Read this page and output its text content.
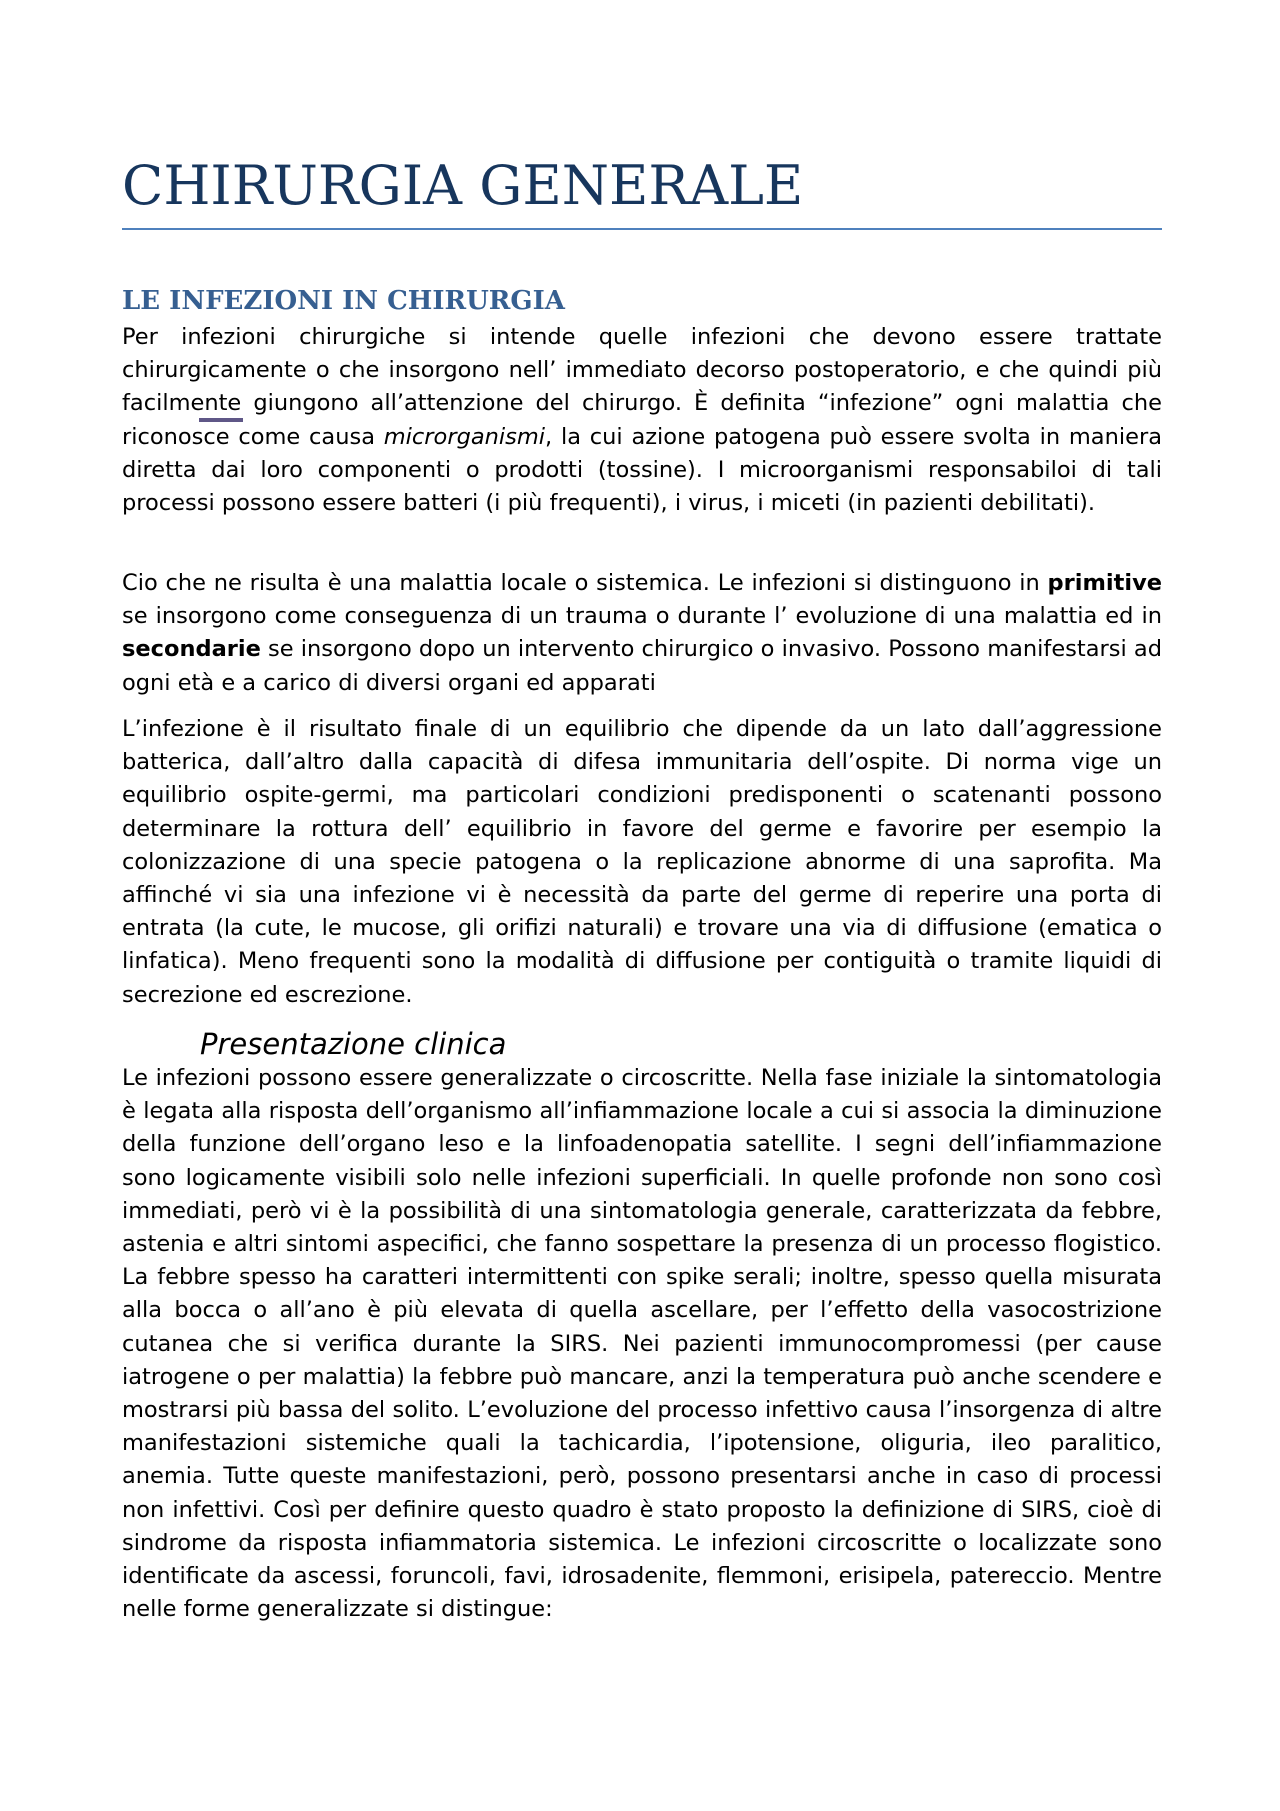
CHIRURGIA GENERALE
LE INFEZIONI IN CHIRURGIA

Per infezioni chirurgiche si intende quelle infezioni che devono essere trattate chirurgicamente o che insorgono nell’ immediato decorso postoperatorio, e che quindi più facilmente giungono all’attenzione del chirurgo. È definita “infezione” ogni malattia che riconosce come causa microrganismi, la cui azione patogena può essere svolta in maniera diretta dai loro componenti o prodotti (tossine). I microorganismi responsabiloi di tali processi possono essere batteri (i più frequenti), i virus, i miceti (in pazienti debilitati).

Cio che ne risulta è una malattia locale o sistemica. Le infezioni si distinguono in primitive se insorgono come conseguenza di un trauma o durante l’ evoluzione di una malattia ed in secondarie se insorgono dopo un intervento chirurgico o invasivo. Possono manifestarsi ad ogni età e a carico di diversi organi ed apparati

L’infezione è il risultato finale di un equilibrio che dipende da un lato dall’aggressione batterica, dall’altro dalla capacità di difesa immunitaria dell’ospite. Di norma vige un equilibrio ospite-germi, ma particolari condizioni predisponenti o scatenanti possono determinare la rottura dell’ equilibrio in favore del germe e favorire per esempio la colonizzazione di una specie patogena o la replicazione abnorme di una saprofita. Ma affinché vi sia una infezione vi è necessità da parte del germe di reperire una porta di entrata (la cute, le mucose, gli orifizi naturali) e trovare una via di diffusione (ematica o linfatica). Meno frequenti sono la modalità di diffusione per contiguità o tramite liquidi di secrezione ed escrezione.

Presentazione clinica

Le infezioni possono essere generalizzate o circoscritte. Nella fase iniziale la sintomatologia è legata alla risposta dell’organismo all’infiammazione locale a cui si associa la diminuzione della funzione dell’organo leso e la linfoadenopatia satellite. I segni dell’infiammazione sono logicamente visibili solo nelle infezioni superficiali. In quelle profonde non sono così immediati, però vi è la possibilità di una sintomatologia generale, caratterizzata da febbre, astenia e altri sintomi aspecifici, che fanno sospettare la presenza di un processo flogistico. La febbre spesso ha caratteri intermittenti con spike serali; inoltre, spesso quella misurata alla bocca o all’ano è più elevata di quella ascellare, per l’effetto della vasocostrizione cutanea che si verifica durante la SIRS. Nei pazienti immunocompromessi (per cause iatrogene o per malattia) la febbre può mancare, anzi la temperatura può anche scendere e mostrarsi più bassa del solito. L’evoluzione del processo infettivo causa l’insorgenza di altre manifestazioni sistemiche quali la tachicardia, l’ipotensione, oliguria, ileo paralitico, anemia. Tutte queste manifestazioni, però, possono presentarsi anche in caso di processi non infettivi. Così per definire questo quadro è stato proposto la definizione di SIRS, cioè di sindrome da risposta infiammatoria sistemica. Le infezioni circoscritte o localizzate sono identificate da ascessi, foruncoli, favi, idrosadenite, flemmoni, erisipela, patereccio. Mentre nelle forme generalizzate si distingue:
